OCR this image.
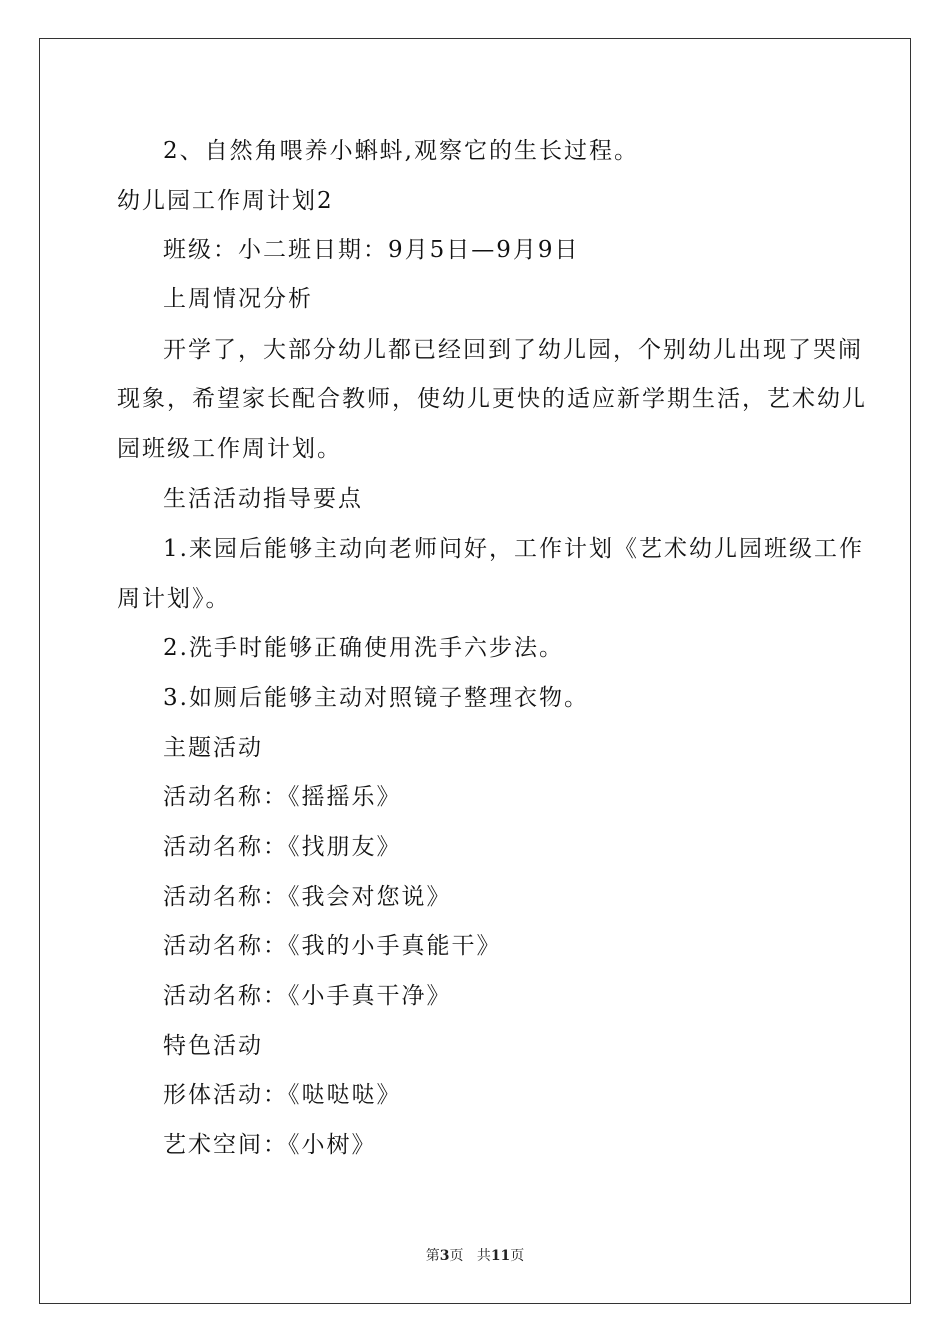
2、自然角喂养小蝌蚪,观察它的生长过程。
幼儿园工作周计划2
班级：小二班日期：9月5日—9月9日
上周情况分析
开学了，大部分幼儿都已经回到了幼儿园，个别幼儿出现了哭闹
现象，希望家长配合教师，使幼儿更快的适应新学期生活，艺术幼儿
园班级工作周计划。
生活活动指导要点
1.来园后能够主动向老师问好，工作计划《艺术幼儿园班级工作
周计划》。
2.洗手时能够正确使用洗手六步法。
3.如厕后能够主动对照镜子整理衣物。
主题活动
活动名称：《摇摇乐》
活动名称：《找朋友》
活动名称：《我会对您说》
活动名称：《我的小手真能干》
活动名称：《小手真干净》
特色活动
形体活动：《哒哒哒》
艺术空间：《小树》
第3页 共11页
